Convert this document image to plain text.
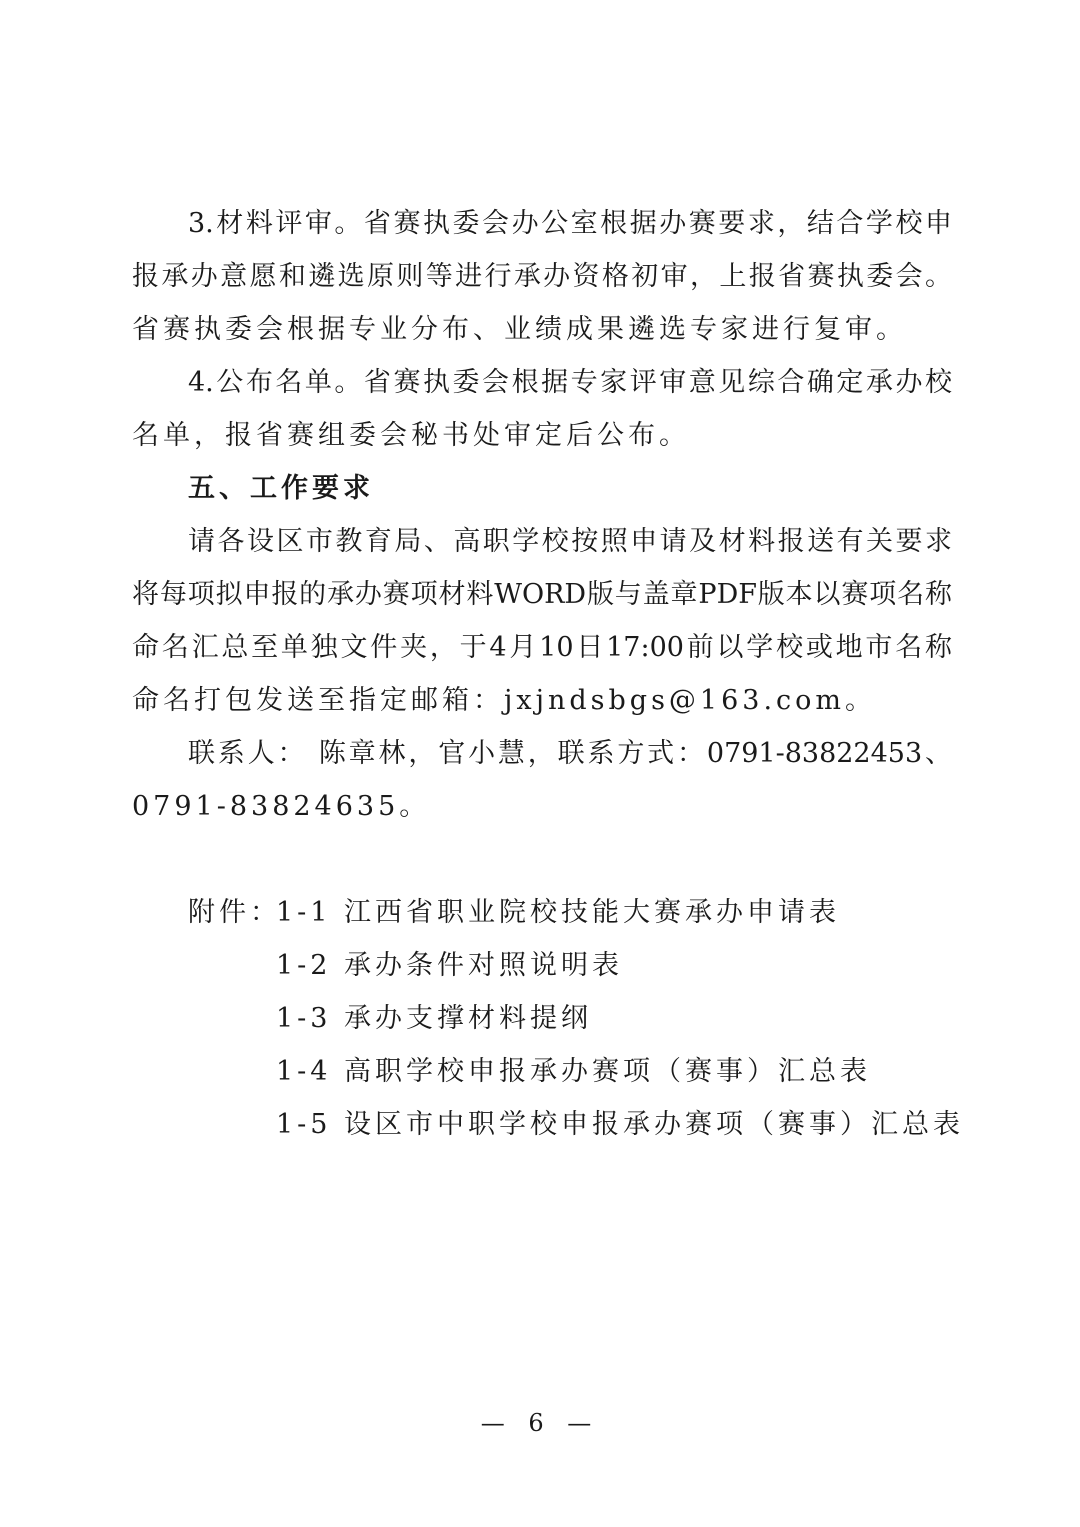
3.材料评审。省赛执委会办公室根据办赛要求，结合学校申
报承办意愿和遴选原则等进行承办资格初审，上报省赛执委会。
省赛执委会根据专业分布、业绩成果遴选专家进行复审。
4.公布名单。省赛执委会根据专家评审意见综合确定承办校
名单，报省赛组委会秘书处审定后公布。
五、工作要求
请各设区市教育局、高职学校按照申请及材料报送有关要求
将每项拟申报的承办赛项材料WORD版与盖章PDF版本以赛项名称
命名汇总至单独文件夹，于4月10日17:00前以学校或地市名称
命名打包发送至指定邮箱：jxjndsbgs@163.com。
联系人： 陈章林，官小慧，联系方式：0791-83822453、
0791-83824635。
附件：
1-1 江西省职业院校技能大赛承办申请表
1-2 承办条件对照说明表
1-3 承办支撑材料提纲
1-4 高职学校申报承办赛项（赛事）汇总表
1-5 设区市中职学校申报承办赛项（赛事）汇总表
— 6 —
